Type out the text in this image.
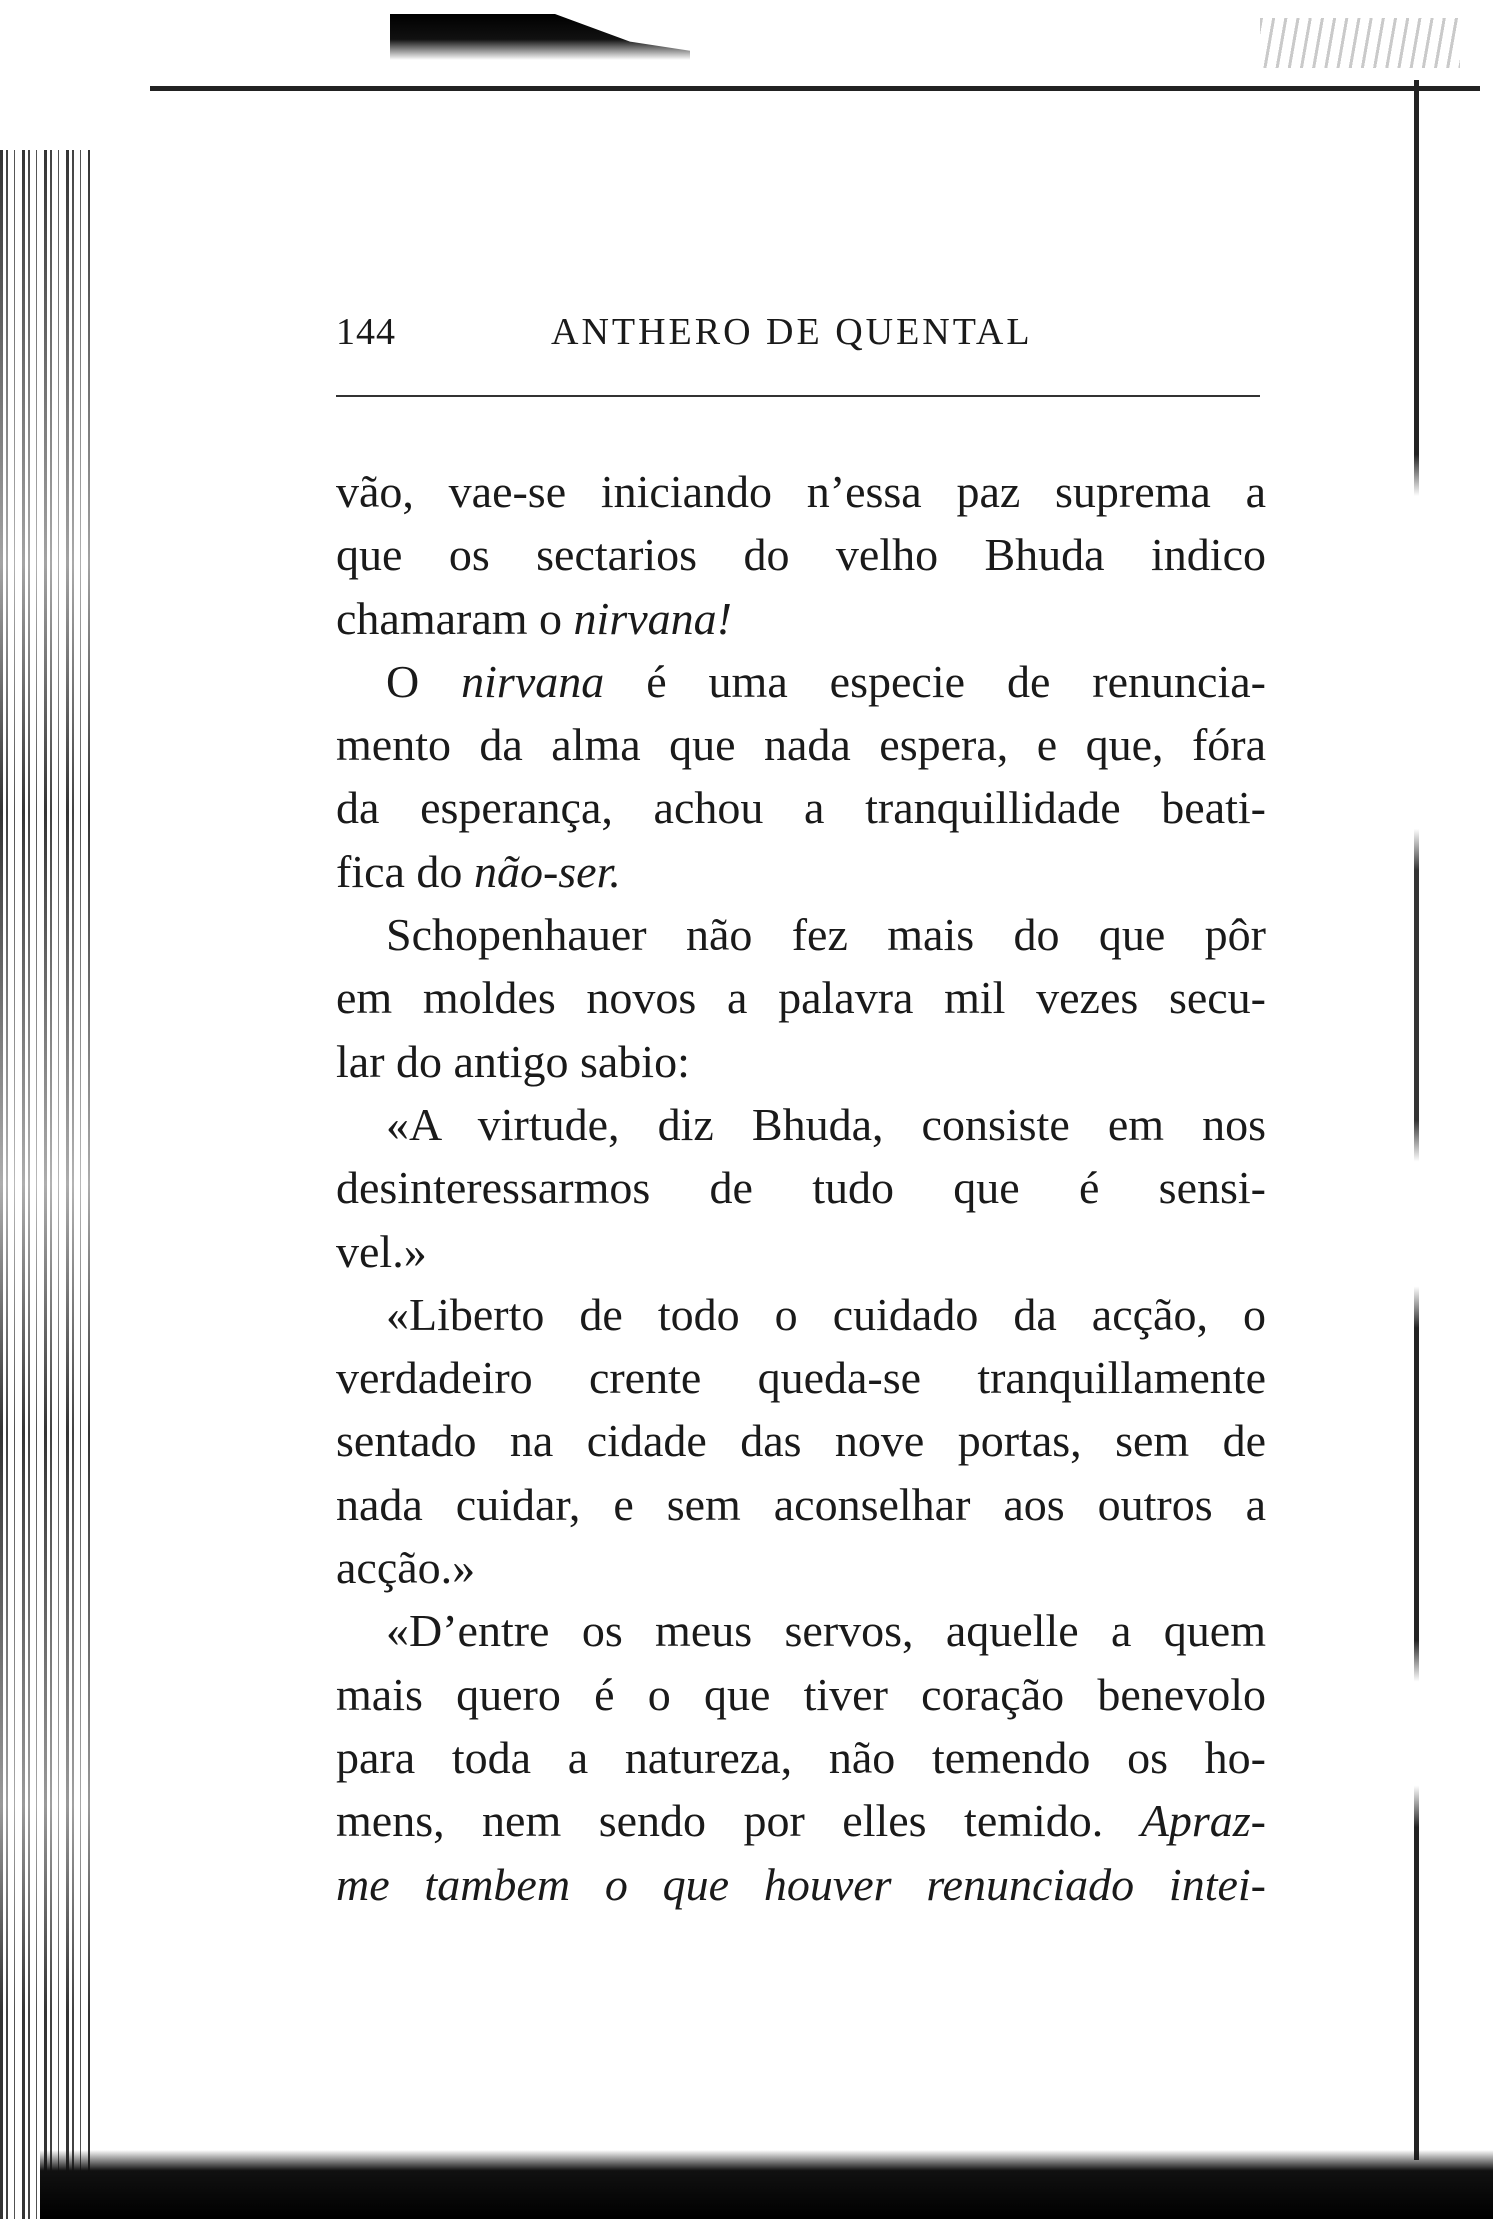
144	ANTHERO DE QUENTAL
vão, vae-se iniciando n’essa paz suprema a
que os sectarios do velho Bhuda indico
chamaram o nirvana!
O nirvana é uma especie de renuncia-
mento da alma que nada espera, e que, fóra
da esperança, achou a tranquillidade beati-
fica do não-ser.
Schopenhauer não fez mais do que pôr
em moldes novos a palavra mil vezes secu-
lar do antigo sabio:
«A virtude, diz Bhuda, consiste em nos
desinteressarmos de tudo que é sensi-
vel.»
«Liberto de todo o cuidado da acção, o
verdadeiro crente queda-se tranquillamente
sentado na cidade das nove portas, sem de
nada cuidar, e sem aconselhar aos outros a
acção.»
«D’entre os meus servos, aquelle a quem
mais quero é o que tiver coração benevolo
para toda a natureza, não temendo os ho-
mens, nem sendo por elles temido. Apraz-
me tambem o que houver renunciado intei-
